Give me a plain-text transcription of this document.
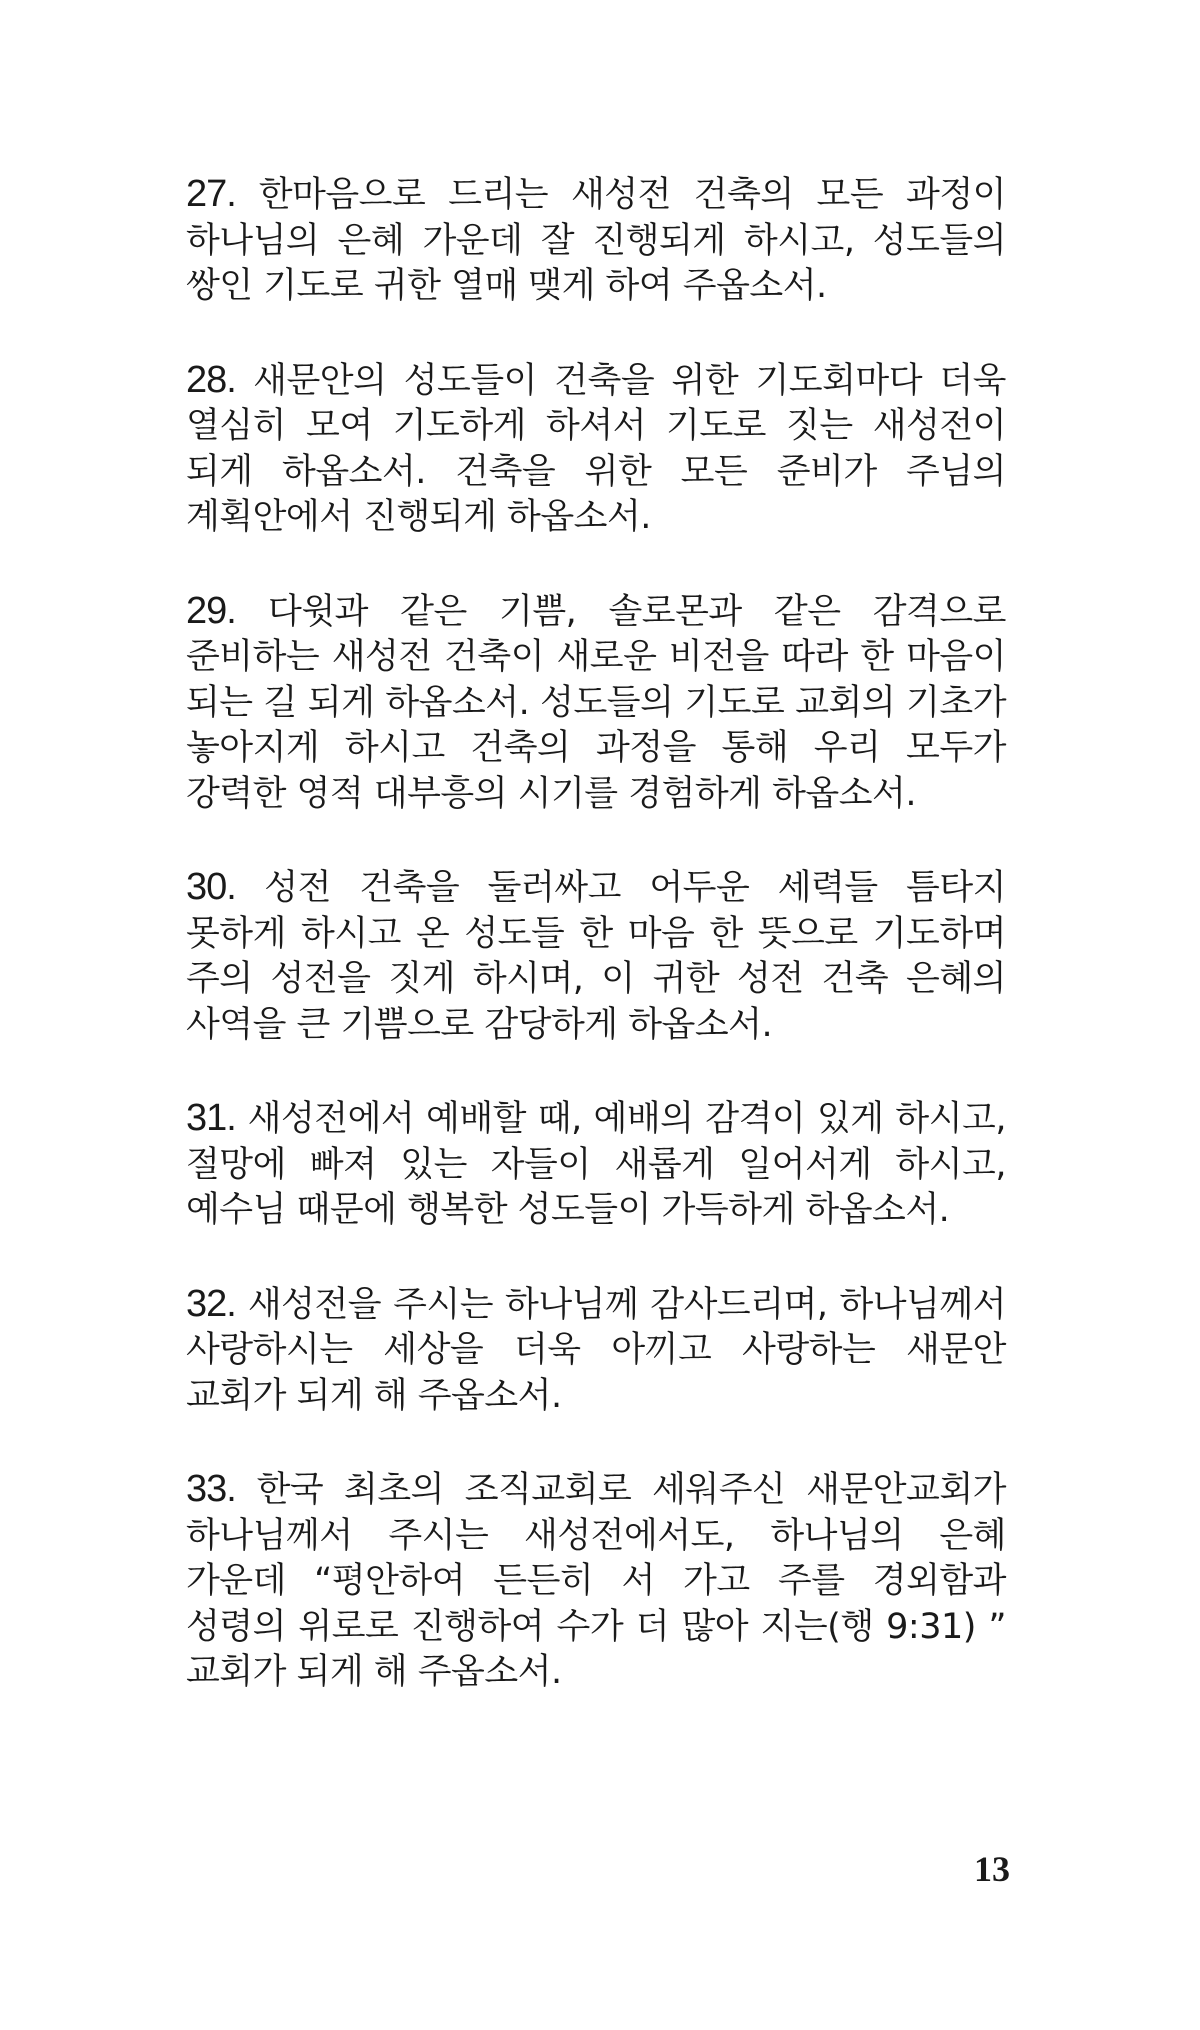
27. 한마음으로 드리는 새성전 건축의 모든 과정이 하나님의 은혜 가운데 잘 진행되게 하시고, 성도들의 쌍인 기도로 귀한 열매 맺게 하여 주옵소서.

28. 새문안의 성도들이 건축을 위한 기도회마다 더욱 열심히 모여 기도하게 하셔서 기도로 짓는 새성전이 되게 하옵소서. 건축을 위한 모든 준비가 주님의 계획안에서 진행되게 하옵소서.

29. 다윗과 같은 기쁨, 솔로몬과 같은 감격으로 준비하는 새성전 건축이 새로운 비전을 따라 한 마음이 되는 길 되게 하옵소서. 성도들의 기도로 교회의 기초가 놓아지게 하시고 건축의 과정을 통해 우리 모두가 강력한 영적 대부흥의 시기를 경험하게 하옵소서.

30. 성전 건축을 둘러싸고 어두운 세력들 틈타지 못하게 하시고 온 성도들 한 마음 한 뜻으로 기도하며 주의 성전을 짓게 하시며, 이 귀한 성전 건축 은혜의 사역을 큰 기쁨으로 감당하게 하옵소서.

31. 새성전에서 예배할 때, 예배의 감격이 있게 하시고, 절망에 빠져 있는 자들이 새롭게 일어서게 하시고, 예수님 때문에 행복한 성도들이 가득하게 하옵소서.

32. 새성전을 주시는 하나님께 감사드리며, 하나님께서 사랑하시는 세상을 더욱 아끼고 사랑하는 새문안 교회가 되게 해 주옵소서.

33. 한국 최초의 조직교회로 세워주신 새문안교회가 하나님께서 주시는 새성전에서도, 하나님의 은혜 가운데 “평안하여 든든히 서 가고 주를 경외함과 성령의 위로로 진행하여 수가 더 많아 지는(행 9:31) ” 교회가 되게 해 주옵소서.

13
